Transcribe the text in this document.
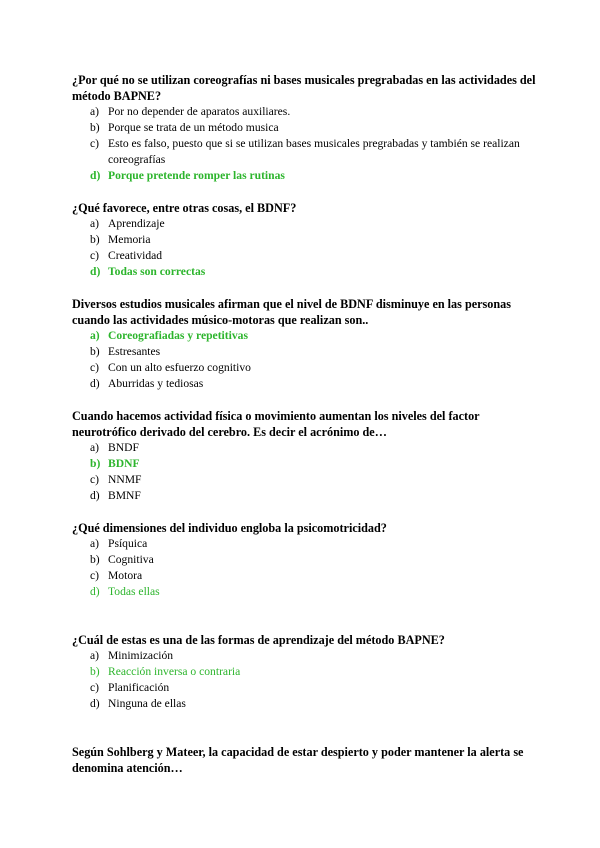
¿Por qué no se utilizan coreografías ni bases musicales pregrabadas en las actividades del método BAPNE?

a) Por no depender de aparatos auxiliares.
b) Porque se trata de un método musica
c) Esto es falso, puesto que si se utilizan bases musicales pregrabadas y también se realizan coreografías
d) Porque pretende romper las rutinas

¿Qué favorece, entre otras cosas, el BDNF?

a) Aprendizaje
b) Memoria
c) Creatividad
d) Todas son correctas

Diversos estudios musicales afirman que el nivel de BDNF disminuye en las personas cuando las actividades músico-motoras que realizan son..

a) Coreografiadas y repetitivas
b) Estresantes
c) Con un alto esfuerzo cognitivo
d) Aburridas y tediosas

Cuando hacemos actividad física o movimiento aumentan los niveles del factor neurotrófico derivado del cerebro. Es decir el acrónimo de…

a) BNDF
b) BDNF
c) NNMF
d) BMNF

¿Qué dimensiones del individuo engloba la psicomotricidad?

a) Psíquica
b) Cognitiva
c) Motora
d) Todas ellas

¿Cuál de estas es una de las formas de aprendizaje del método BAPNE?

a) Minimización
b) Reacción inversa o contraria
c) Planificación
d) Ninguna de ellas

Según Sohlberg y Mateer, la capacidad de estar despierto y poder mantener la alerta se denomina atención…
